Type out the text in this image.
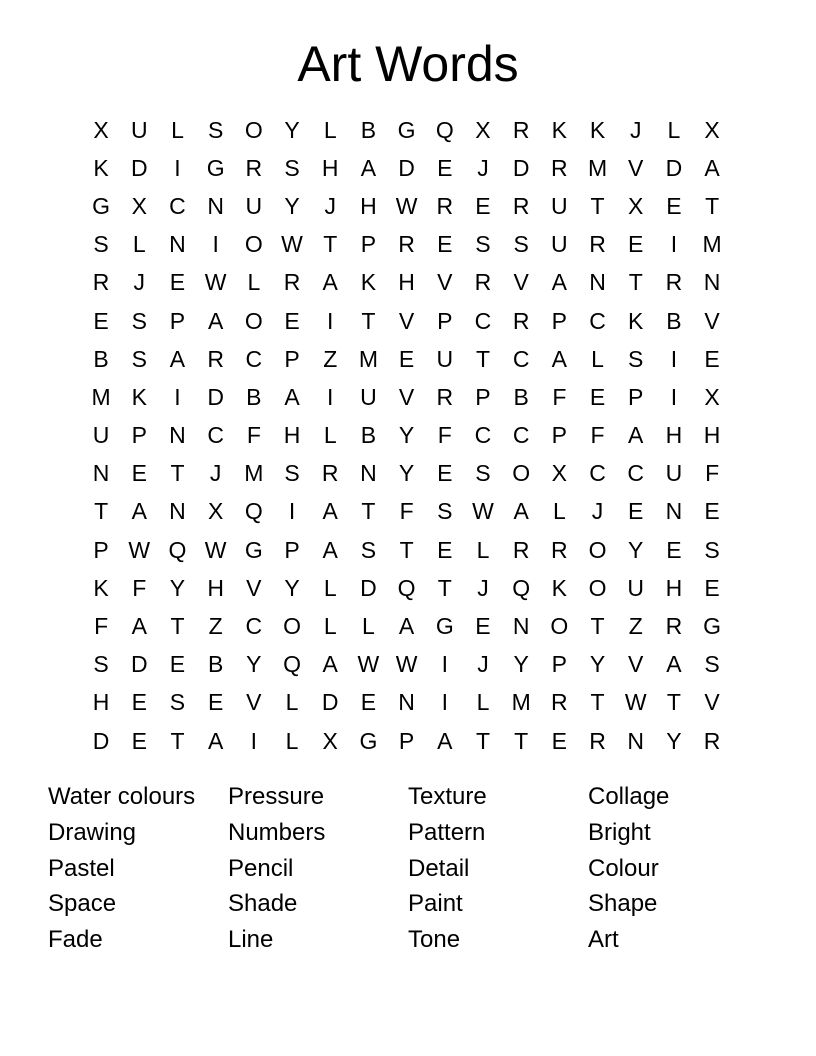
Art Words
X U	L	S O Y	L	B G Q X R K K	J	L	X
K D	I	G R S H A D E	J	D R M V D A
G X C N U Y	J	H W R E R U T	X E	T
S	L	N	I	O W T	P R E S S U R E	I	M
R	J	E W L	R A K H V R V A N T R N
E S P A O E	I	T	V P C R P C K B V
B S A R C P	Z M E U T C A	L	S	I	E
M K	I	D B A	I	U V R P B	F	E P	I	X
U P N C F H	L	B Y	F C C P	F	A H H
N E	T	J M S R N Y E S O X C C U F
T	A N X Q	I	A	T	F	S W A	L	J	E N E
P W Q W G P A S	T	E	L	R R O Y E S
K	F	Y H V Y	L	D Q T	J	Q K O U H E
F	A	T	Z C O L	L	A G E N O T	Z R G
S D E B Y Q A W W	I	J	Y P Y V A S
H E S E V	L	D E N	I	L M R T W T	V
D E	T	A	I	L	X G P A	T	T	E R N Y R
Water colours	Pressure	Texture	Collage
Drawing	Numbers	Pattern	Bright
Pastel	Pencil	Detail	Colour
Space	Shade	Paint	Shape
Fade	Line	Tone	Art
